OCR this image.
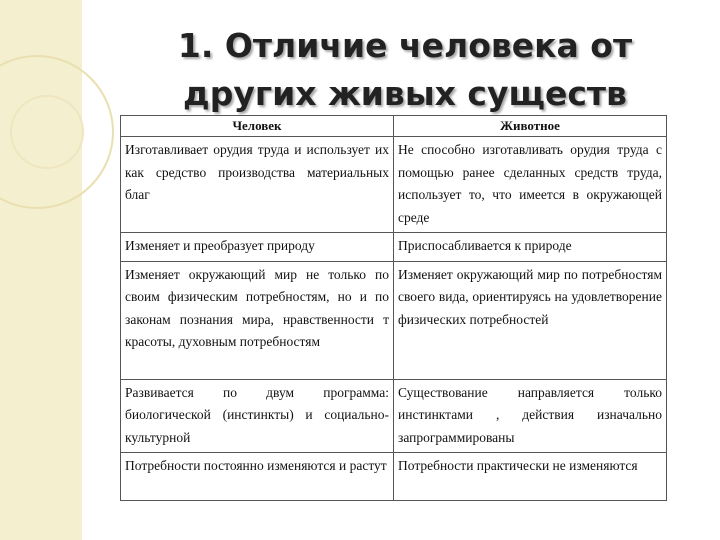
1. Отличие человека от
других живых существ
Человек	Животное
Изготавливает орудия труда и использует их как средство производства материальных благ	Не способно изготавливать орудия труда с помощью ранее сделанных средств труда, использует то, что имеется в окружающей среде
Изменяет и преобразует природу	Приспосабливается к природе
Изменяет окружающий мир не только по своим физическим потребностям, но и по законам познания мира, нравственности т красоты, духовным потребностям	Изменяет окружающий мир по потребностям своего вида, ориентируясь на удовлетворение физических потребностей
Развивается по двум программа: биологической (инстинкты) и социально-культурной	Существование направляется только инстинктами , действия изначально запрограммированы
Потребности постоянно изменяются и растут	Потребности практически не изменяются
